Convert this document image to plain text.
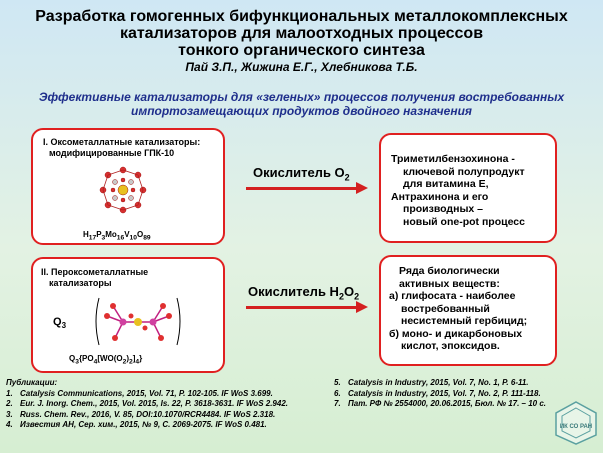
Разработка гомогенных бифункциональных металлокомплексных
катализаторов для малоотходных процессов
тонкого органического синтеза
Пай З.П., Жижина Е.Г., Хлебникова Т.Б.
Эффективные катализаторы для «зеленых» процессов получения востребованных
импортозамещающих продуктов двойного назначения
I. Оксометаллатные катализаторы:
модифицированные ГПК-10
$H_{17}P_3Mo_{16}V_{10}O_{89}$
II. Пероксометаллатные
катализаторы
$Q_3$
$Q_3\{PO_4[WO(O_2)_2]_4\}$
Окислитель $O_2$
Окислитель $H_2O_2$
Триметилбензохинона -
ключевой полупродукт
для витамина Е,
Антрахинона и его
производных –
новый one-pot процесс
Ряда биологически
активных веществ:
а) глифосата - наиболее
востребованный
несистемный гербицид;
б) моно- и дикарбоновых
кислот, эпоксидов.
Публикации:
1. Catalysis Communications, 2015, Vol. 71, P. 102-105. IF WoS 3.699.
2. Eur. J. Inorg. Chem., 2015, Vol. 2015, Is. 22, P. 3618-3631. IF WoS 2.942.
3. Russ. Chem. Rev., 2016, V. 85, DOI:10.1070/RCR4484. IF WoS 2.318.
4. Известия АН, Сер. хим., 2015, № 9, С. 2069-2075. IF WoS 0.481.
5. Catalysis in Industry, 2015, Vol. 7, No. 1, P. 6-11.
6. Catalysis in Industry, 2015, Vol. 7, No. 2, P. 111-118.
7. Пат. РФ № 2554000, 20.06.2015, Бюл. № 17. – 10 с.
ИК СО РАН
